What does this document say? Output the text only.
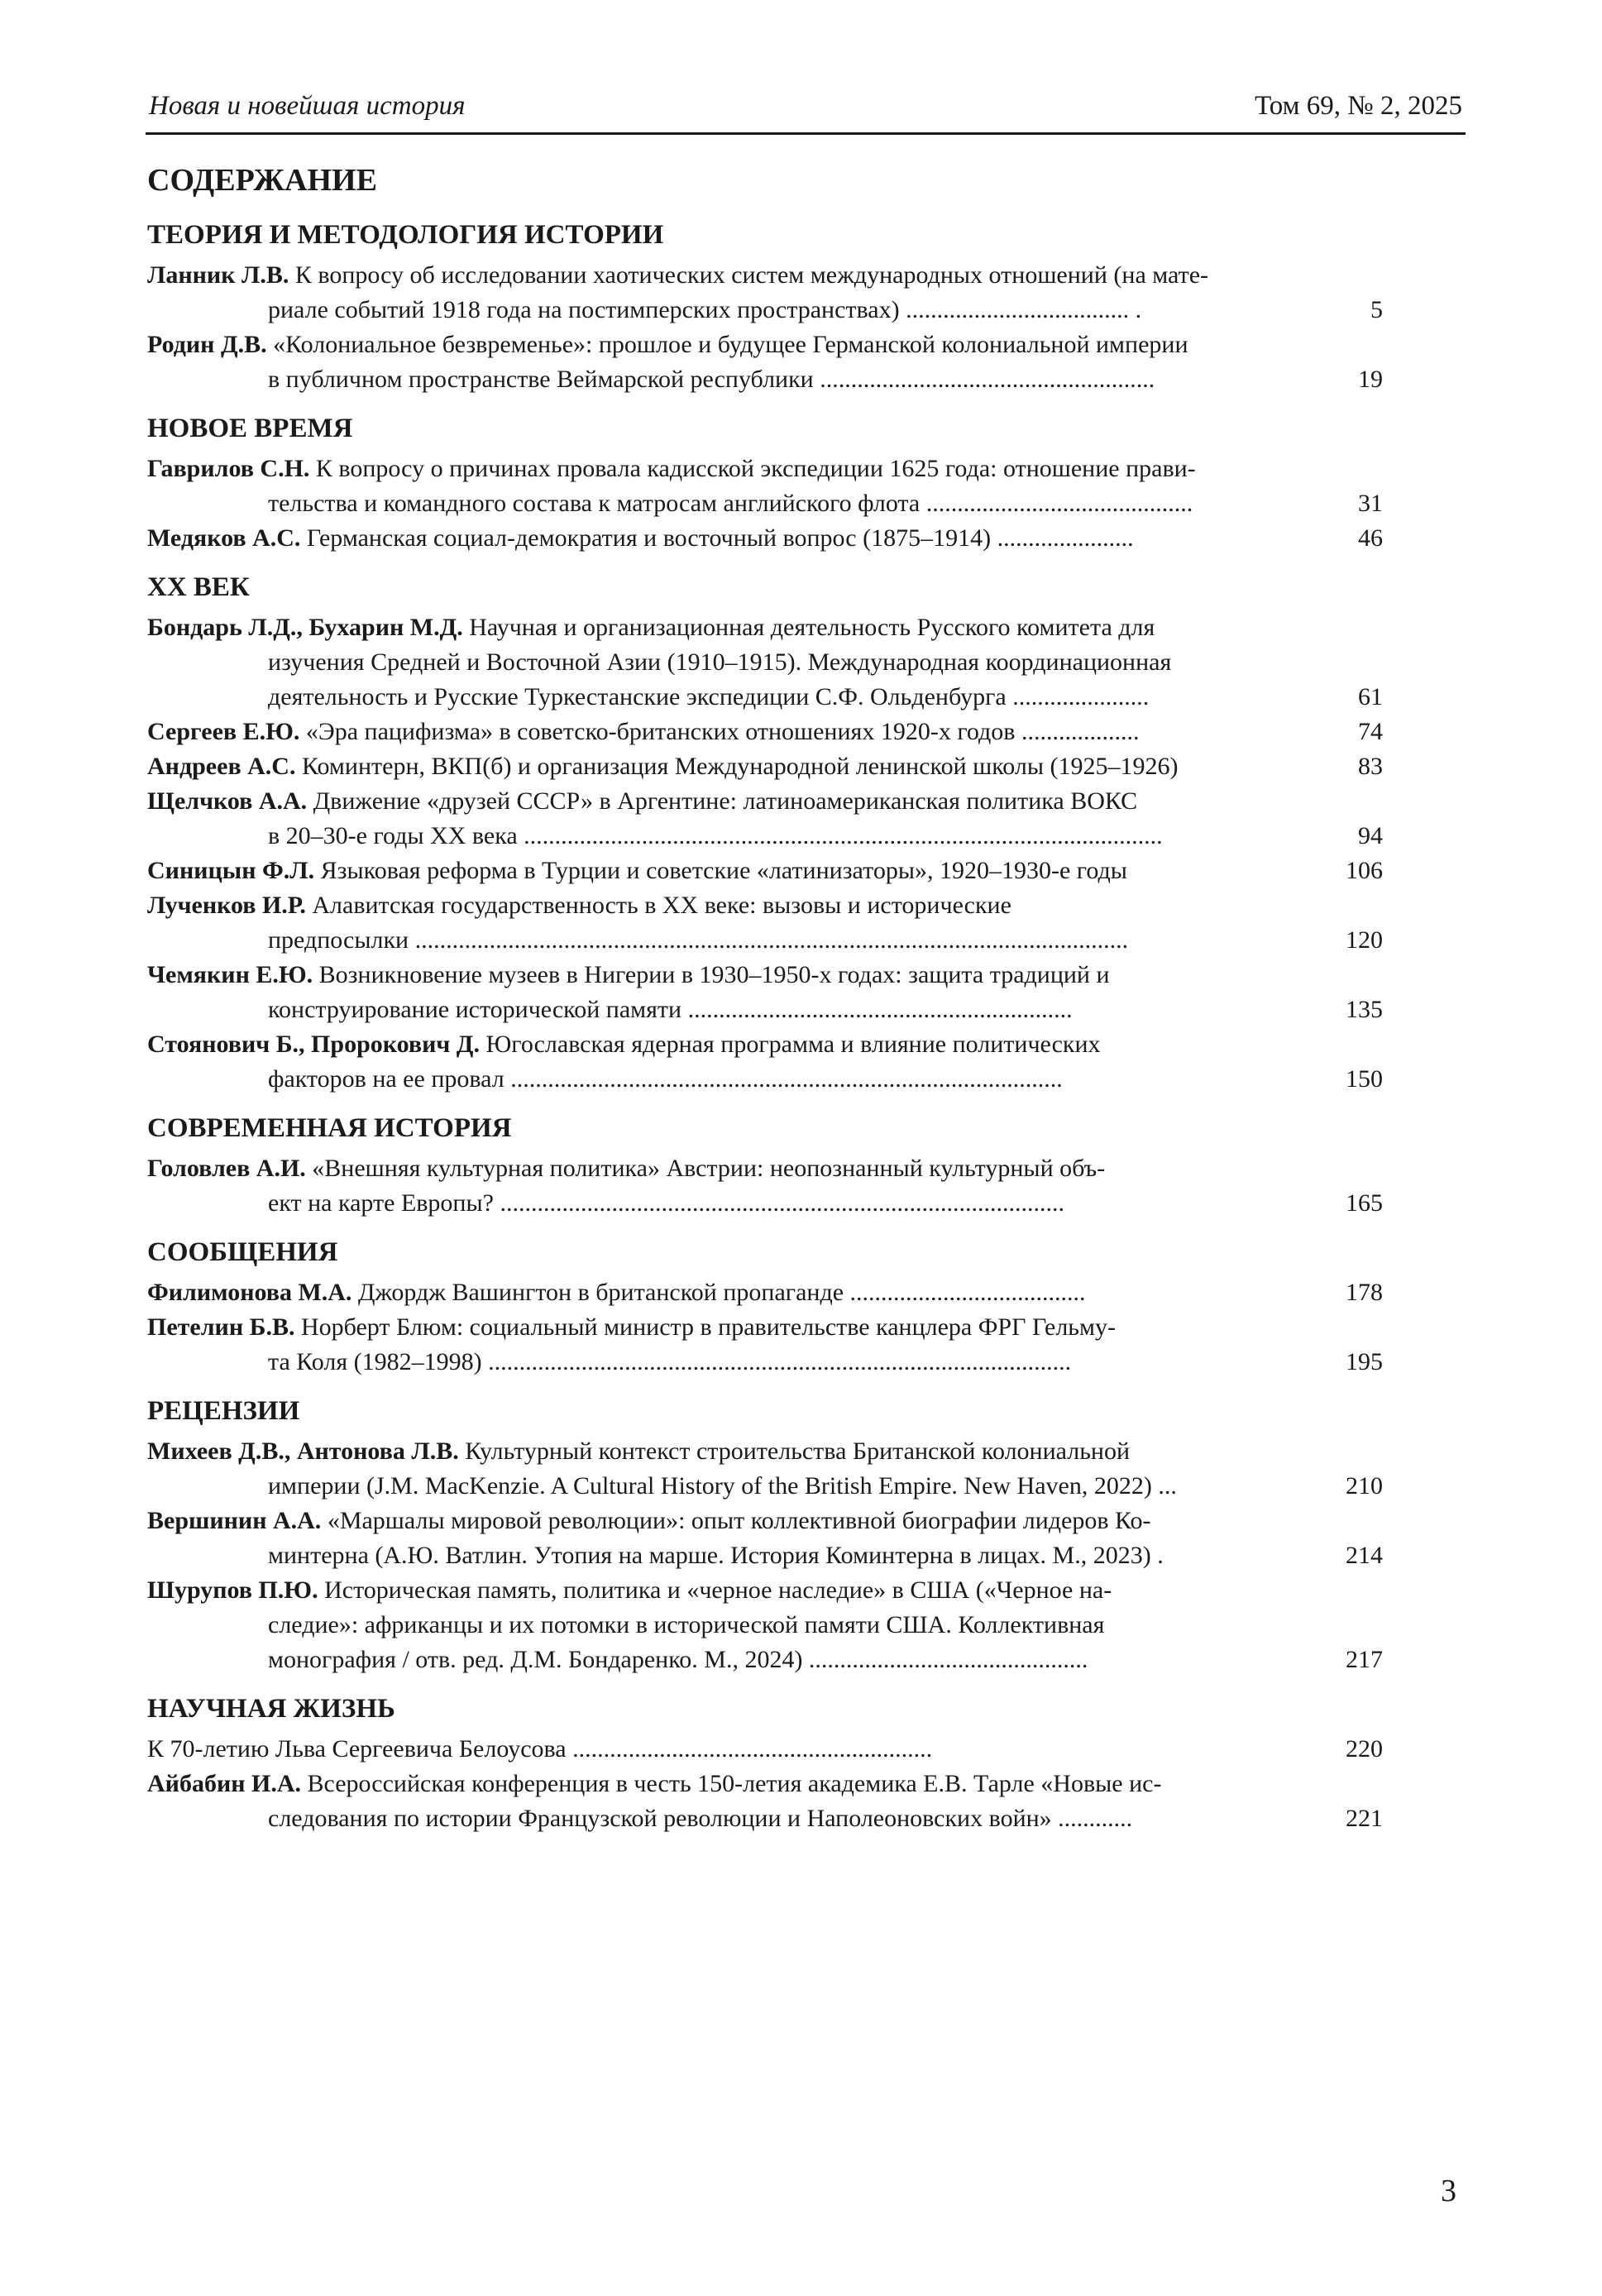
Новая и новейшая история	Том 69, № 2, 2025
СОДЕРЖАНИЕ
ТЕОРИЯ И МЕТОДОЛОГИЯ ИСТОРИИ
Ланник Л.В. К вопросу об исследовании хаотических систем международных отношений (на мате-
риале событий 1918 года на постимперских пространствах) .................................... .	5
Родин Д.В. «Колониальное безвременье»: прошлое и будущее Германской колониальной империи
в публичном пространстве Веймарской республики ......................................................	19
НОВОЕ ВРЕМЯ
Гаврилов С.Н. К вопросу о причинах провала кадисской экспедиции 1625 года: отношение прави-
тельства и командного состава к матросам английского флота ...........................................	31
Медяков А.С. Германская социал-демократия и восточный вопрос (1875–1914) ......................	46
XX ВЕК
Бондарь Л.Д., Бухарин М.Д. Научная и организационная деятельность Русского комитета для
изучения Средней и Восточной Азии (1910–1915). Международная координационная
деятельность и Русские Туркестанские экспедиции С.Ф. Ольденбурга ......................	61
Сергеев Е.Ю. «Эра пацифизма» в советско-британских отношениях 1920-х годов ...................	74
Андреев А.С. Коминтерн, ВКП(б) и организация Международной ленинской школы (1925–1926)	83
Щелчков А.А. Движение «друзей СССР» в Аргентине: латиноамериканская политика ВОКС
в 20–30-е годы XX века .......................................................................................................	94
Синицын Ф.Л. Языковая реформа в Турции и советские «латинизаторы», 1920–1930-е годы	106
Лученков И.Р. Алавитская государственность в XX веке: вызовы и исторические
предпосылки ...................................................................................................................	120
Чемякин Е.Ю. Возникновение музеев в Нигерии в 1930–1950-х годах: защита традиций и
конструирование исторической памяти ..............................................................	135
Стоянович Б., Пророкович Д. Югославская ядерная программа и влияние политических
факторов на ее провал .........................................................................................	150
СОВРЕМЕННАЯ ИСТОРИЯ
Головлев А.И. «Внешняя культурная политика» Австрии: неопознанный культурный объ-
ект на карте Европы? ...........................................................................................	165
СООБЩЕНИЯ
Филимонова М.А. Джордж Вашингтон в британской пропаганде ......................................	178
Петелин Б.В. Норберт Блюм: социальный министр в правительстве канцлера ФРГ Гельму-
та Коля (1982–1998) ..............................................................................................	195
РЕЦЕНЗИИ
Михеев Д.В., Антонова Л.В. Культурный контекст строительства Британской колониальной
империи (J.M. MacKenzie. A Cultural History of the British Empire. New Haven, 2022) ...	210
Вершинин А.А. «Маршалы мировой революции»: опыт коллективной биографии лидеров Ко-
минтерна (А.Ю. Ватлин. Утопия на марше. История Коминтерна в лицах. М., 2023) .	214
Шурупов П.Ю. Историческая память, политика и «черное наследие» в США («Черное на-
следие»: африканцы и их потомки в исторической памяти США. Коллективная
монография / отв. ред. Д.М. Бондаренко. М., 2024) .............................................	217
НАУЧНАЯ ЖИЗНЬ
К 70-летию Льва Сергеевича Белоусова ..........................................................	220
Айбабин И.А. Всероссийская конференция в честь 150-летия академика Е.В. Тарле «Новые ис-
следования по истории Французской революции и Наполеоновских войн» ............	221
3
